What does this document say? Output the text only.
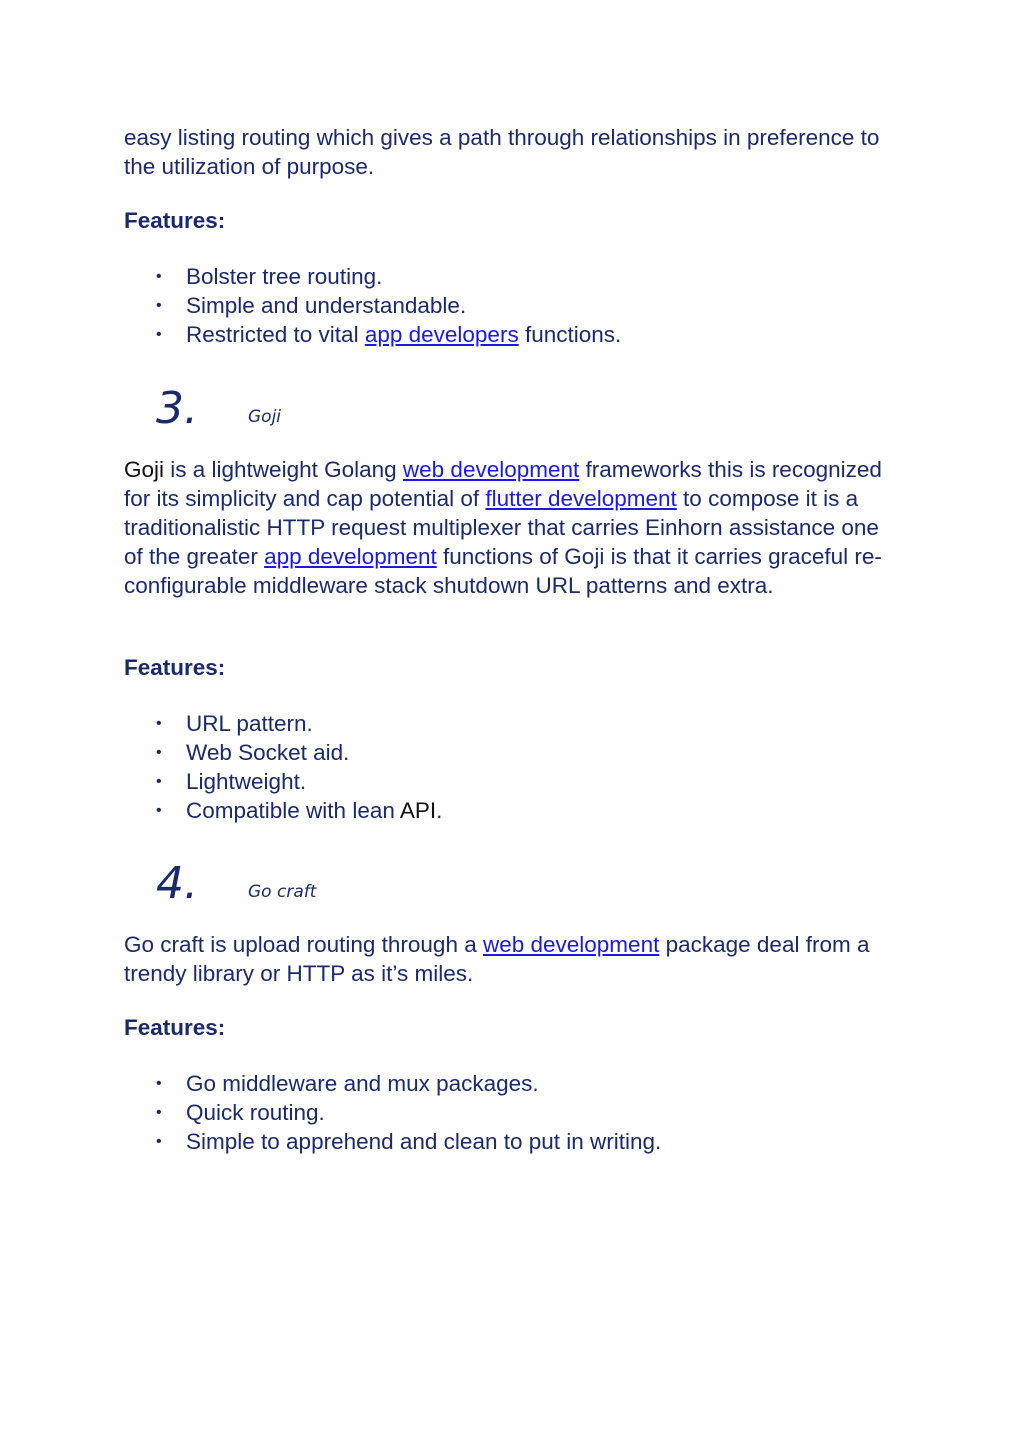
easy listing routing which gives a path through relationships in preference to the utilization of purpose.

Features:
• Bolster tree routing.
• Simple and understandable.
• Restricted to vital app developers functions.
3.	Goji

Goji is a lightweight Golang web development frameworks this is recognized for its simplicity and cap potential of flutter development to compose it is a traditionalistic HTTP request multiplexer that carries Einhorn assistance one of the greater app development functions of Goji is that it carries graceful re-configurable middleware stack shutdown URL patterns and extra.

Features:
• URL pattern.
• Web Socket aid.
• Lightweight.
• Compatible with lean API.
4.	Go craft

Go craft is upload routing through a web development package deal from a trendy library or HTTP as it’s miles.

Features:
• Go middleware and mux packages.
• Quick routing.
• Simple to apprehend and clean to put in writing.
